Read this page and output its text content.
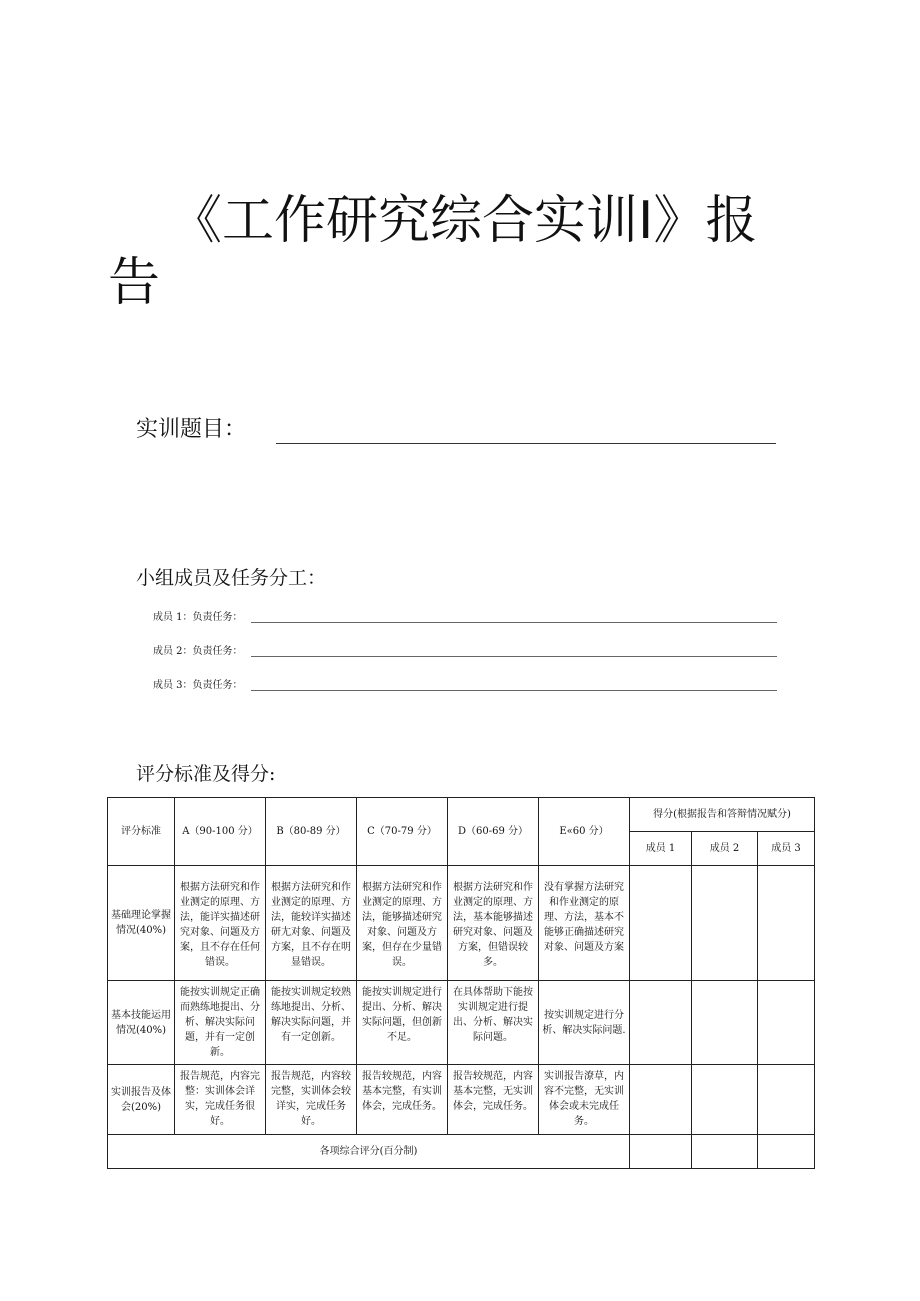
《工作研究综合实训Ⅰ》报告
实训题目：
小组成员及任务分工：
成员 1：负责任务：
成员 2：负责任务：
成员 3：负责任务：
评分标准及得分:
评分标准	A（90-100 分）	B（80-89 分）	C（70-79 分）	D（60-69 分）	E«60 分）	得分(根据报告和答辩情况赋分)		
						成员 1	成员 2	成员 3
基础理论掌握情况(40%)	根据方法研究和作业测定的原理、方法，能详实描述研究对象、问题及方案，且不存在任何错误。	根据方法研究和作业测定的原理、方法，能较详实描述研尢对象、问题及方案，且不存在明显错误。	根据方法研究和作业测定的原理、方法，能够描述研究对象、问题及方案，但存在少量错误。	根据方法研究和作业测定的原理、方法，基本能够描述研究对象、问题及方案，但错误较多。	没有掌握方法研究和作业测定的原理、方法，基本不能够正确描述研究对象、问题及方案			
基本技能运用情况(40%)	能按实训规定正确而熟练地提出、分析、解决实际问题，并有一定创新。	能按实训规定较熟练地提出、分析、解决实际问题，并有一定创新。	能按实训规定进行提出、分析、解决实际问题，但创新不足。	在具体帮助下能按实训规定进行提出、分析、解决实际问题。	按实训规定进行分析、解决实际问题.			
实训报告及体会(20%)	报告规范，内容完整：实训体会详实，完成任务很好。	报告规范，内容较完整，实训体会较详实，完成任务好。	报告较规范，内容基本完整，有实训体会，完成任务。	报告较规范，内容基本完整，无实训体会，完成任务。	实训报告潦草，内容不完整，无实训体会或未完成任务。			
各项综合评分(百分制)								
